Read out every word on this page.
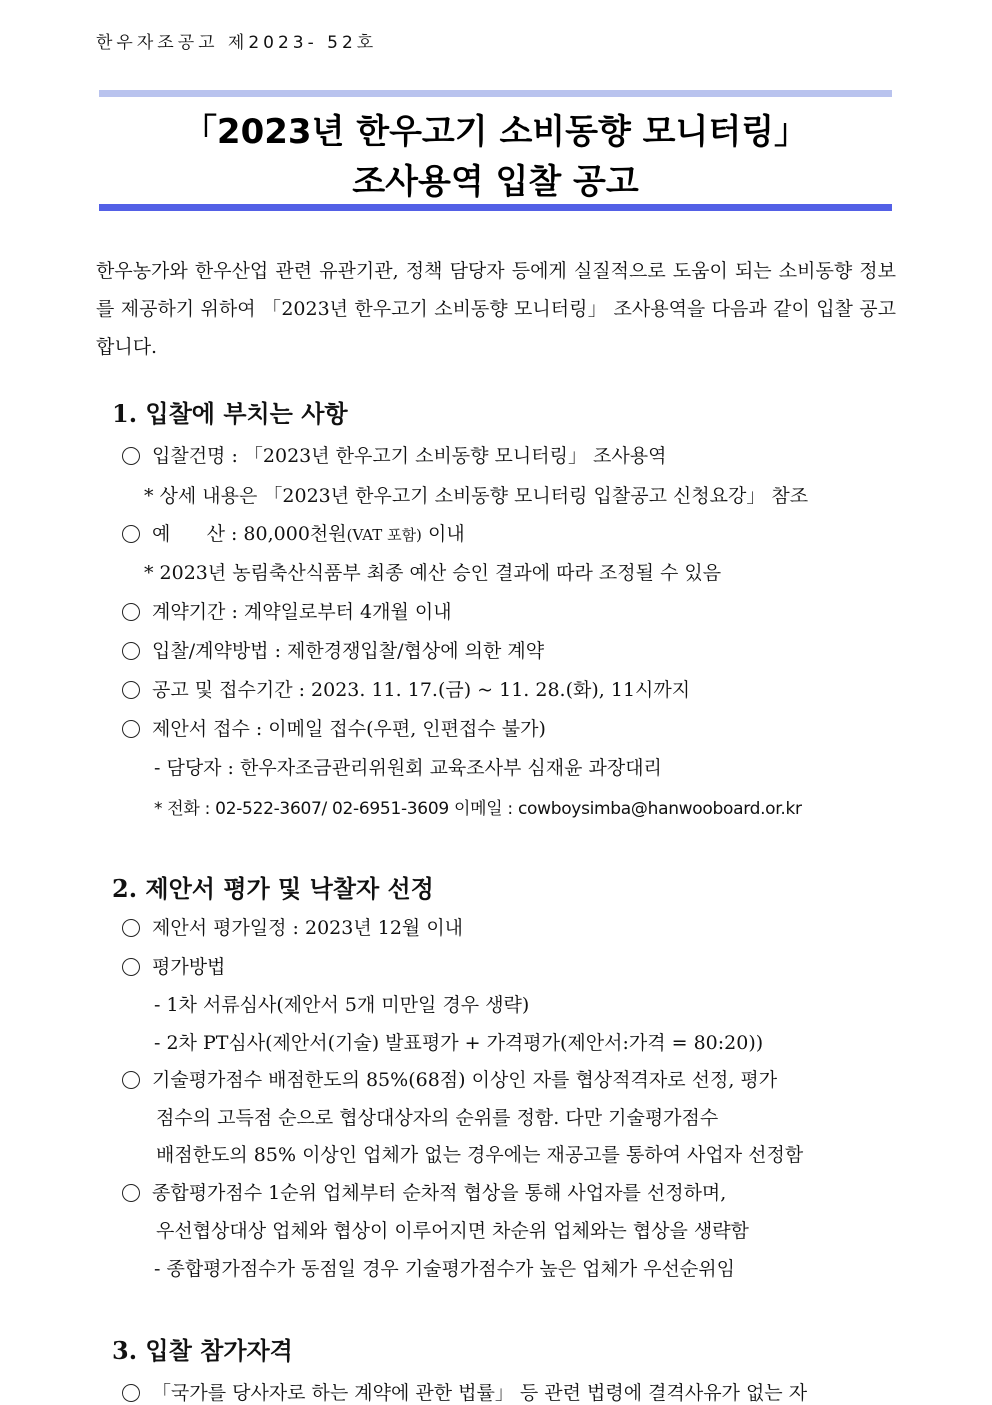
한우자조공고 제2023- 52호
「2023년 한우고기 소비동향 모니터링」
조사용역 입찰 공고
한우농가와 한우산업 관련 유관기관, 정책 담당자 등에게 실질적으로 도움이 되는 소비동향 정보를 제공하기 위하여 「2023년 한우고기 소비동향 모니터링」 조사용역을 다음과 같이 입찰 공고합니다.
1. 입찰에 부치는 사항
입찰건명 : 「2023년 한우고기 소비동향 모니터링」 조사용역
* 상세 내용은 「2023년 한우고기 소비동향 모니터링 입찰공고 신청요강」 참조
예      산 : 80,000천원(VAT 포함) 이내
* 2023년 농림축산식품부 최종 예산 승인 결과에 따라 조정될 수 있음
계약기간 : 계약일로부터 4개월 이내
입찰/계약방법 : 제한경쟁입찰/협상에 의한 계약
공고 및 접수기간 : 2023. 11. 17.(금) ~ 11. 28.(화), 11시까지
제안서 접수 : 이메일 접수(우편, 인편접수 불가)
- 담당자 : 한우자조금관리위원회 교육조사부 심재윤 과장대리
* 전화 : 02-522-3607/ 02-6951-3609 이메일 : cowboysimba@hanwooboard.or.kr
2. 제안서 평가 및 낙찰자 선정
제안서 평가일정 : 2023년 12월 이내
평가방법
- 1차 서류심사(제안서 5개 미만일 경우 생략)
- 2차 PT심사(제안서(기술) 발표평가 + 가격평가(제안서:가격 = 80:20))
기술평가점수 배점한도의 85%(68점) 이상인 자를 협상적격자로 선정, 평가
점수의 고득점 순으로 협상대상자의 순위를 정함. 다만 기술평가점수
배점한도의 85% 이상인 업체가 없는 경우에는 재공고를 통하여 사업자 선정함
종합평가점수 1순위 업체부터 순차적 협상을 통해 사업자를 선정하며,
우선협상대상 업체와 협상이 이루어지면 차순위 업체와는 협상을 생략함
- 종합평가점수가 동점일 경우 기술평가점수가 높은 업체가 우선순위임
3. 입찰 참가자격
「국가를 당사자로 하는 계약에 관한 법률」 등 관련 법령에 결격사유가 없는 자
